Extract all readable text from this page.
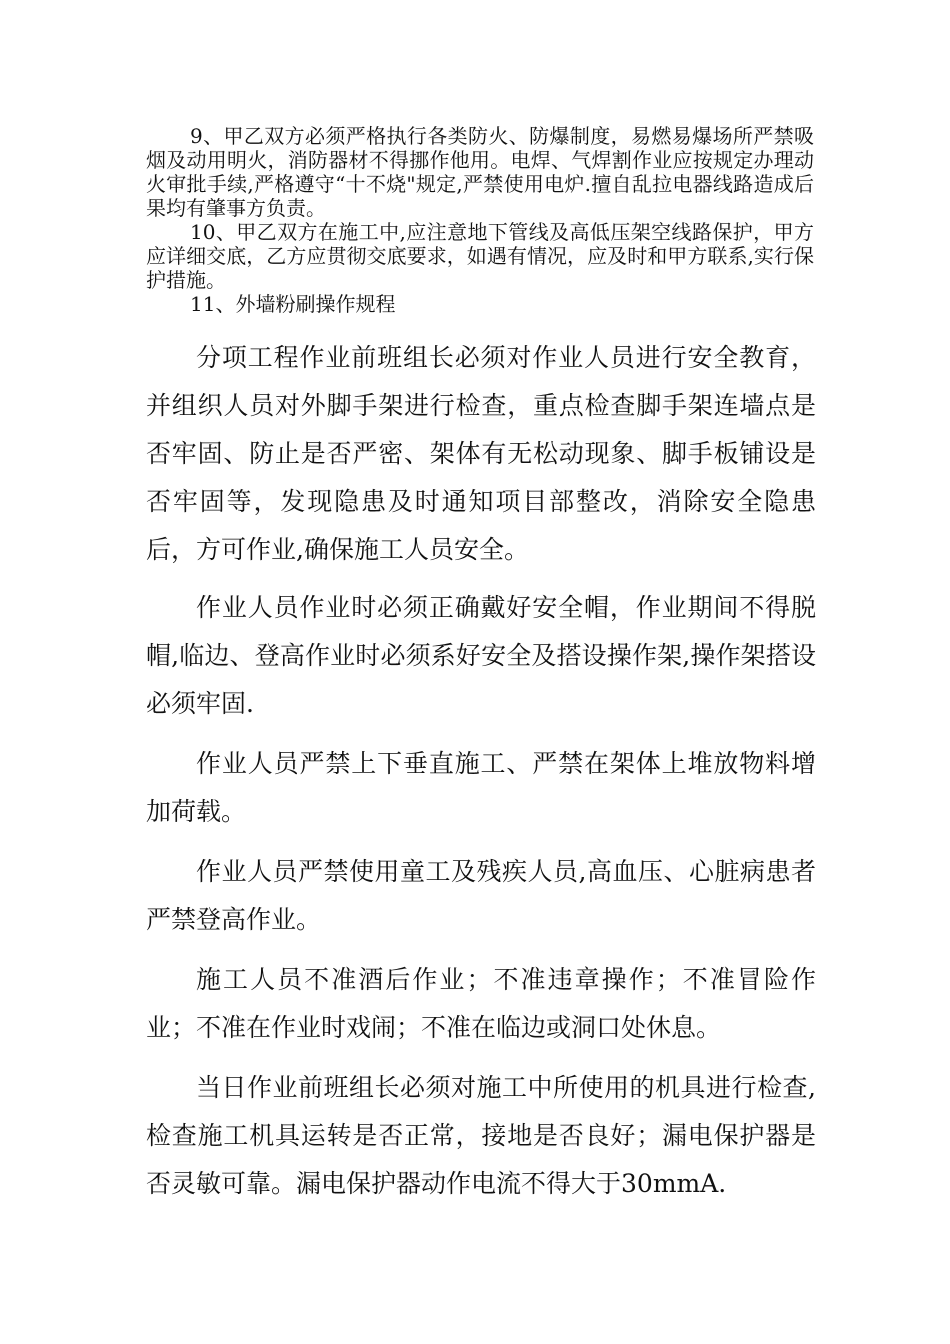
9、甲乙双方必须严格执行各类防火、防爆制度，易燃易爆场所严禁吸烟及动用明火，消防器材不得挪作他用。电焊、气焊割作业应按规定办理动火审批手续,严格遵守“十不烧"规定,严禁使用电炉.擅自乱拉电器线路造成后果均有肇事方负责。

10、甲乙双方在施工中,应注意地下管线及高低压架空线路保护，甲方应详细交底，乙方应贯彻交底要求，如遇有情况，应及时和甲方联系,实行保护措施。

11、外墙粉刷操作规程

分项工程作业前班组长必须对作业人员进行安全教育，并组织人员对外脚手架进行检查，重点检查脚手架连墙点是否牢固、防止是否严密、架体有无松动现象、脚手板铺设是否牢固等，发现隐患及时通知项目部整改，消除安全隐患后，方可作业,确保施工人员安全。

作业人员作业时必须正确戴好安全帽，作业期间不得脱帽,临边、登高作业时必须系好安全及搭设操作架,操作架搭设必须牢固.

作业人员严禁上下垂直施工、严禁在架体上堆放物料增加荷载。

作业人员严禁使用童工及残疾人员,高血压、心脏病患者严禁登高作业。

施工人员不准酒后作业；不准违章操作；不准冒险作业；不准在作业时戏闹；不准在临边或洞口处休息。

当日作业前班组长必须对施工中所使用的机具进行检查,检查施工机具运转是否正常，接地是否良好；漏电保护器是否灵敏可靠。漏电保护器动作电流不得大于30mmA.
